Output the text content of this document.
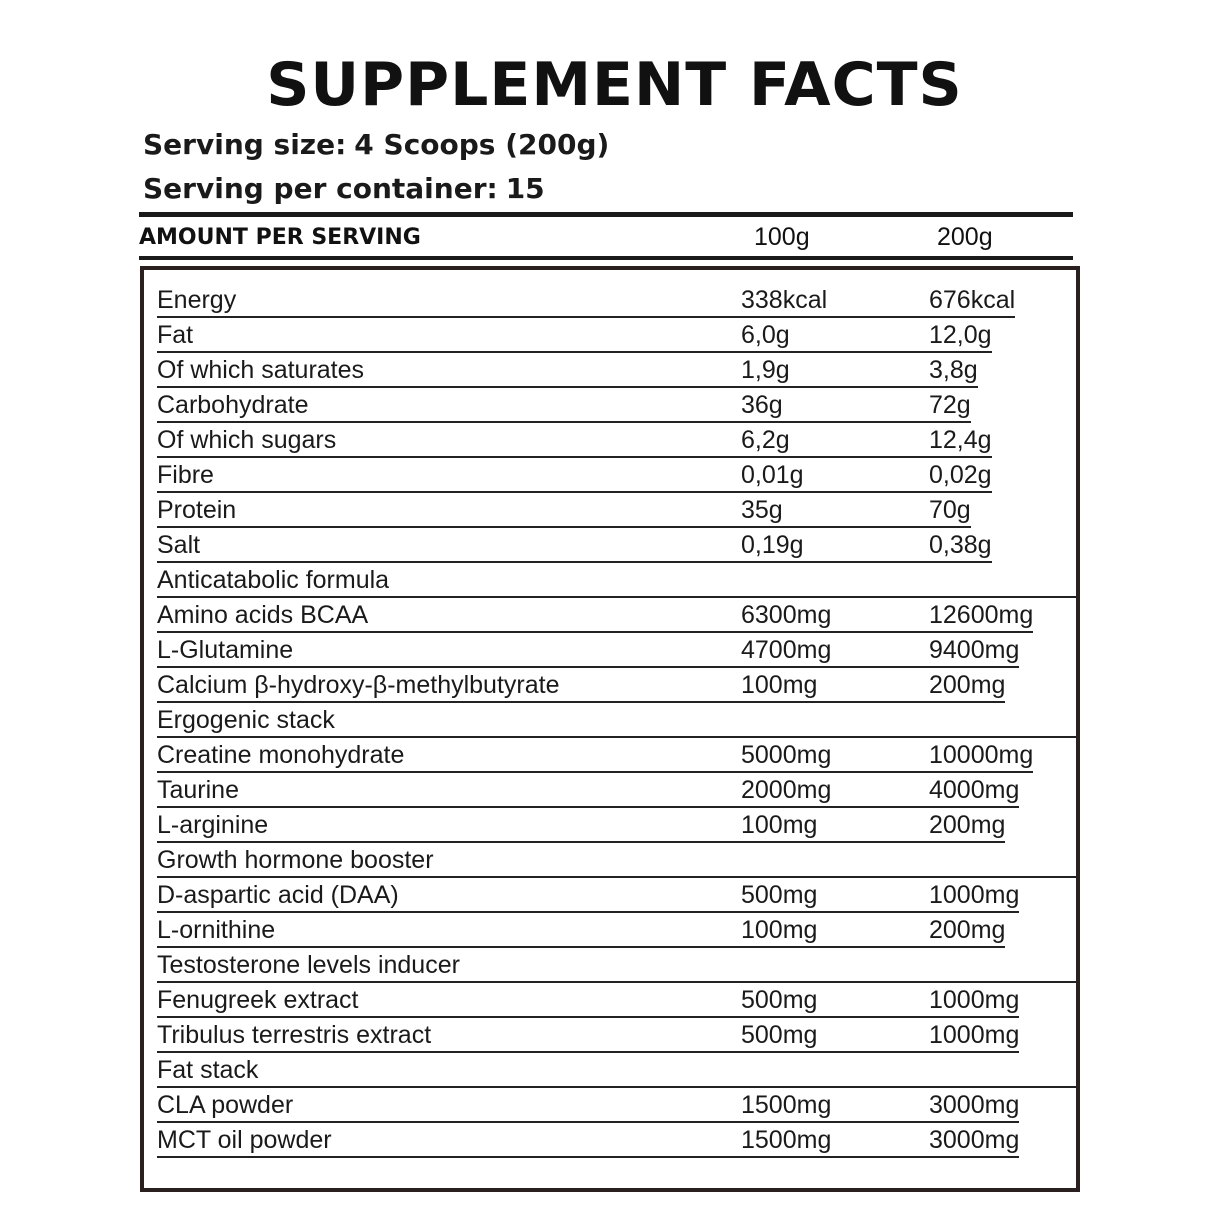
SUPPLEMENT FACTS
Serving size: 4 Scoops (200g)
Serving per container: 15
AMOUNT PER SERVING	100g	200g
Energy	338kcal	676kcal
Fat	6,0g	12,0g
Of which saturates	1,9g	3,8g
Carbohydrate	36g	72g
Of which sugars	6,2g	12,4g
Fibre	0,01g	0,02g
Protein	35g	70g
Salt	0,19g	0,38g
Anticatabolic formula
Amino acids BCAA	6300mg	12600mg
L-Glutamine	4700mg	9400mg
Calcium β-hydroxy-β-methylbutyrate	100mg	200mg
Ergogenic stack
Creatine monohydrate	5000mg	10000mg
Taurine	2000mg	4000mg
L-arginine	100mg	200mg
Growth hormone booster
D-aspartic acid (DAA)	500mg	1000mg
L-ornithine	100mg	200mg
Testosterone levels inducer
Fenugreek extract	500mg	1000mg
Tribulus terrestris extract	500mg	1000mg
Fat stack
CLA powder	1500mg	3000mg
MCT oil powder	1500mg	3000mg
